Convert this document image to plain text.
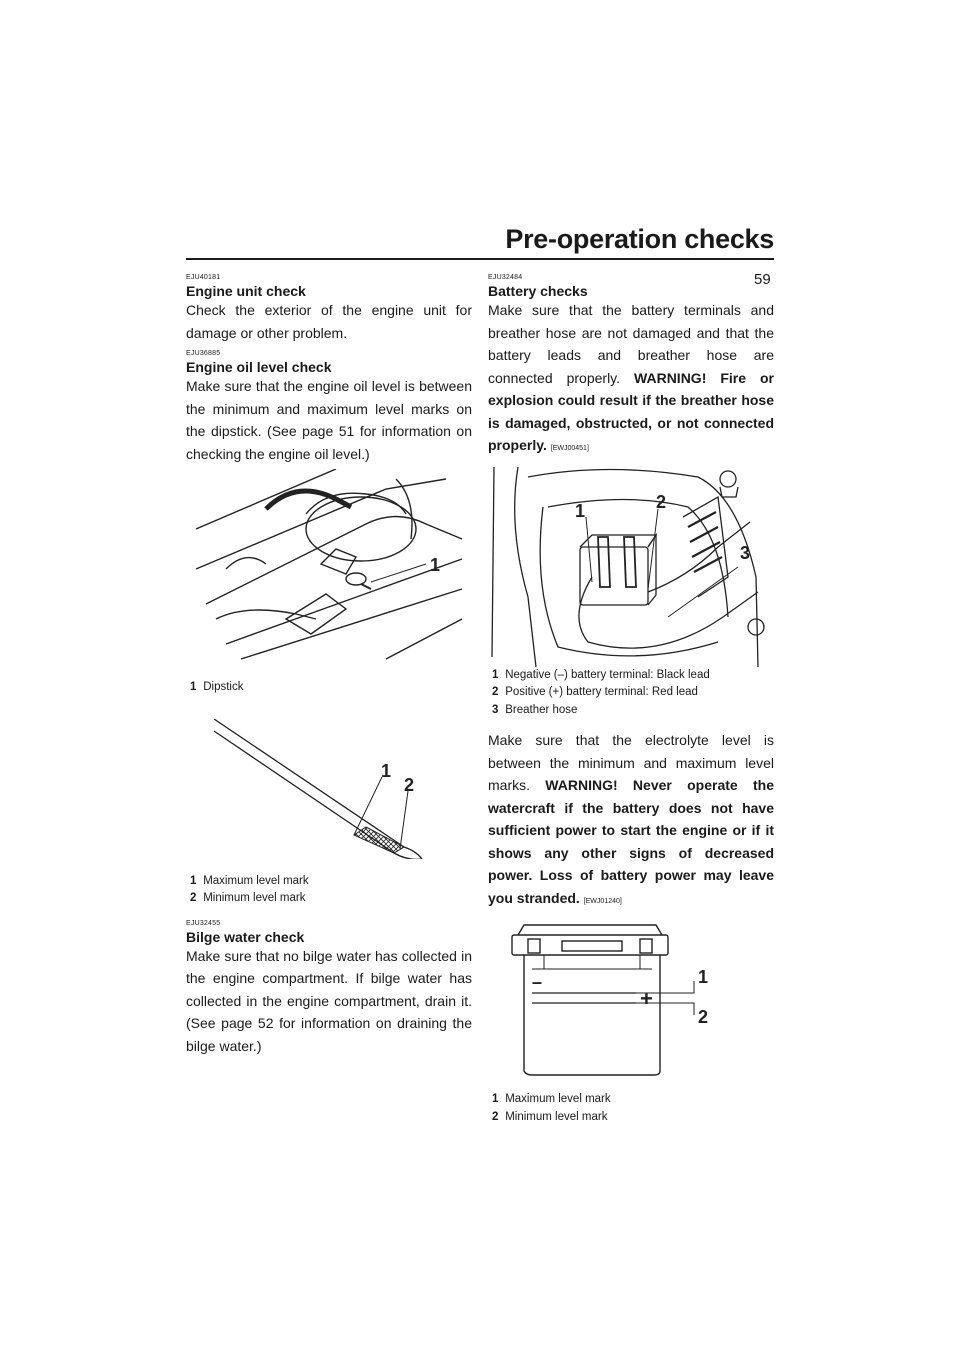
Pre-operation checks
59
EJU40181
Engine unit check

Check the exterior of the engine unit for damage or other problem.

EJU36885
Engine oil level check

Make sure that the engine oil level is between the minimum and maximum level marks on the dipstick. (See page 51 for information on checking the engine oil level.)

1
1 Dipstick
1
2
1 Maximum level mark
2 Minimum level mark
EJU32455
Bilge water check

Make sure that no bilge water has collected in the engine compartment. If bilge water has collected in the engine compartment, drain it. (See page 52 for information on draining the bilge water.)

EJU32484
Battery checks

Make sure that the battery terminals and breather hose are not damaged and that the battery leads and breather hose are connected properly. WARNING! Fire or explosion could result if the breather hose is damaged, obstructed, or not connected properly. [EWJ00451]

1	2
3
1 Negative (–) battery terminal: Black lead
2 Positive (+) battery terminal: Red lead
3 Breather hose

Make sure that the electrolyte level is between the minimum and maximum level marks. WARNING! Never operate the watercraft if the battery does not have sufficient power to start the engine or if it shows any other signs of decreased power. Loss of battery power may leave you stranded. [EWJ01240]

–
+
1
2
1 Maximum level mark
2 Minimum level mark
